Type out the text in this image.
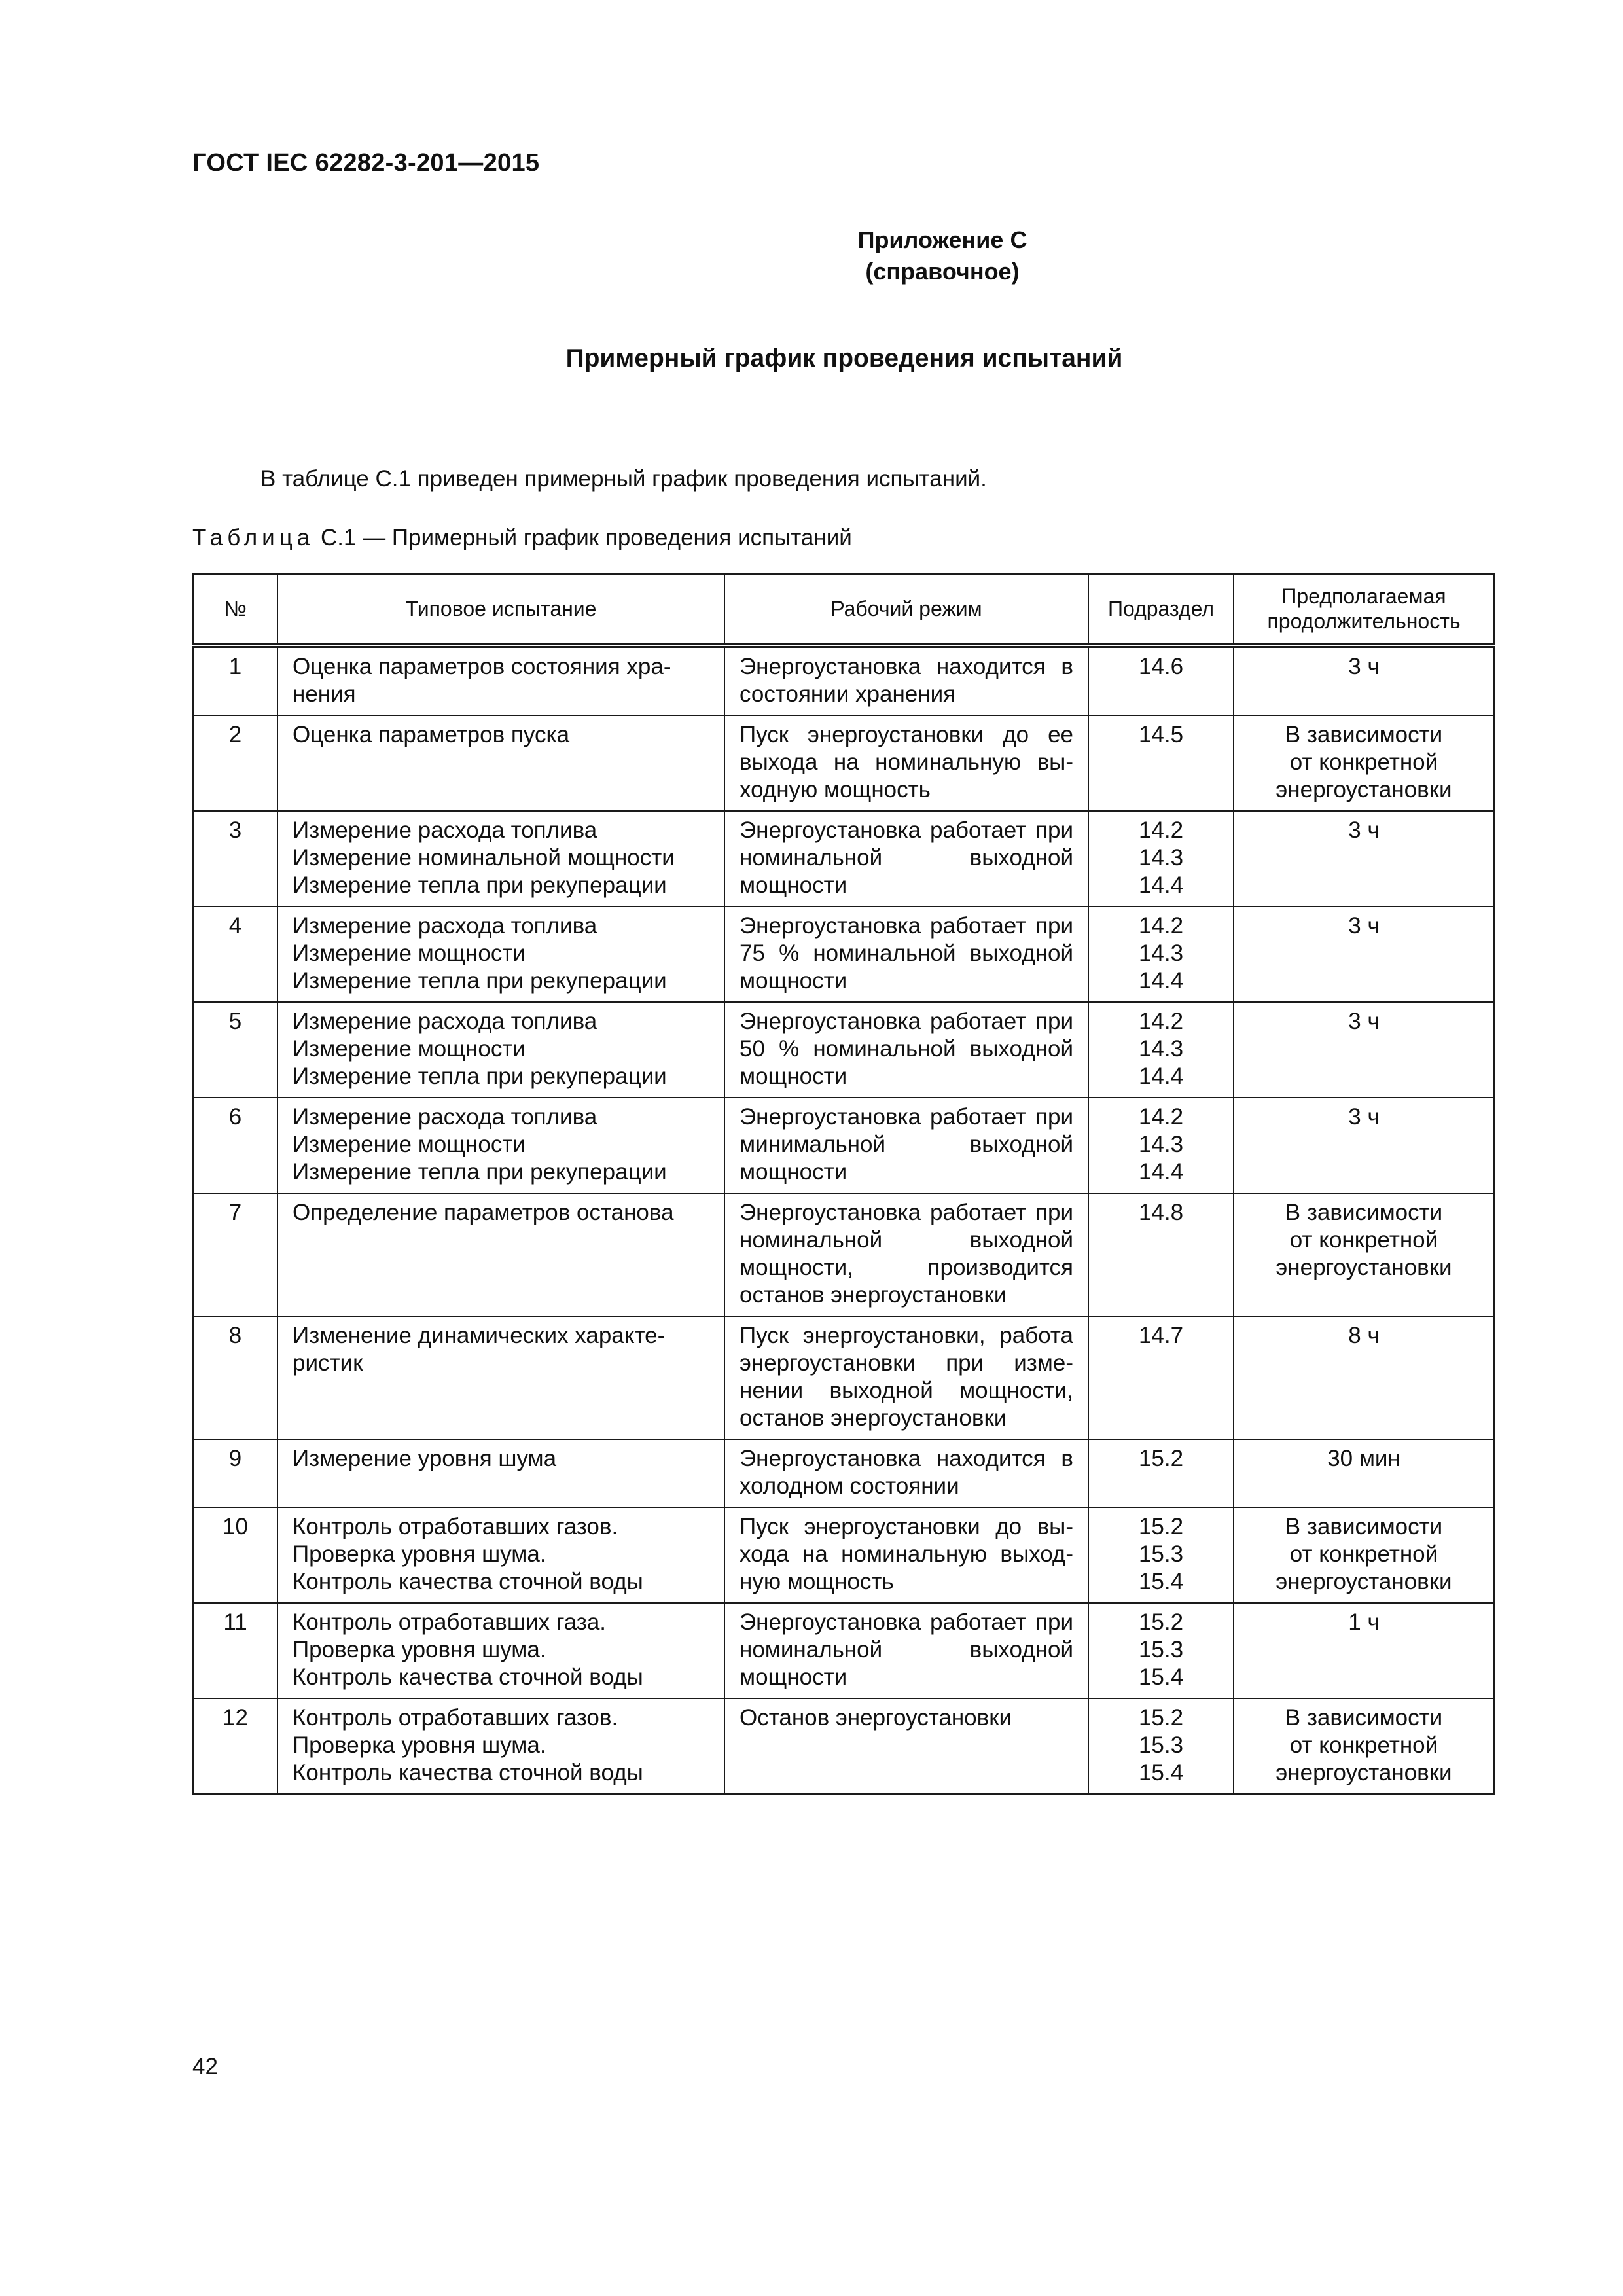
ГОСТ IEC 62282-3-201—2015
Приложение С
(справочное)
Примерный график проведения испытаний
В таблице С.1 приведен примерный график проведения испытаний.
Таблица С.1 — Примерный график проведения испытаний
№	Типовое испытание	Рабочий режим	Подраздел	Предполагаемая продолжительность
1	Оценка параметров состояния хранения	Энергоустановка находится в состоянии хранения	14.6	3 ч

2	Оценка параметров пуска	Пуск энергоустановки до ее выхода на номинальную выходную мощность	14.5	В зависимости
от конкретной
энергоустановки

3	Измерение расхода топлива
Измерение номинальной мощности
Измерение тепла при рекуперации	Энергоустановка работает при номинальной выходной мощности	14.2
14.3
14.4	3 ч

4	Измерение расхода топлива
Измерение мощности
Измерение тепла при рекуперации	Энергоустановка работает при 75 % номинальной выходной мощности	14.2
14.3
14.4	3 ч

5	Измерение расхода топлива
Измерение мощности
Измерение тепла при рекуперации	Энергоустановка работает при 50 % номинальной выходной мощности	14.2
14.3
14.4	3 ч

6	Измерение расхода топлива
Измерение мощности
Измерение тепла при рекуперации	Энергоустановка работает при минимальной выходной мощности	14.2
14.3
14.4	3 ч

7	Определение параметров останова	Энергоустановка работает при номинальной выходной мощности, производится останов энергоустановки	14.8	В зависимости
от конкретной
энергоустановки

8	Изменение динамических характеристик	Пуск энергоустановки, работа энергоустановки при изменении выходной мощности, останов энергоустановки	14.7	8 ч

9	Измерение уровня шума	Энергоустановка находится в холодном состоянии	15.2	30 мин

10	Контроль отработавших газов.
Проверка уровня шума.
Контроль качества сточной воды	Пуск энергоустановки до выхода на номинальную выходную мощность	15.2
15.3
15.4	В зависимости
от конкретной
энергоустановки

11	Контроль отработавших газа.
Проверка уровня шума.
Контроль качества сточной воды	Энергоустановка работает при номинальной выходной мощности	15.2
15.3
15.4	1 ч

12	Контроль отработавших газов.
Проверка уровня шума.
Контроль качества сточной воды	Останов энергоустановки	15.2
15.3
15.4	В зависимости
от конкретной
энергоустановки
42
